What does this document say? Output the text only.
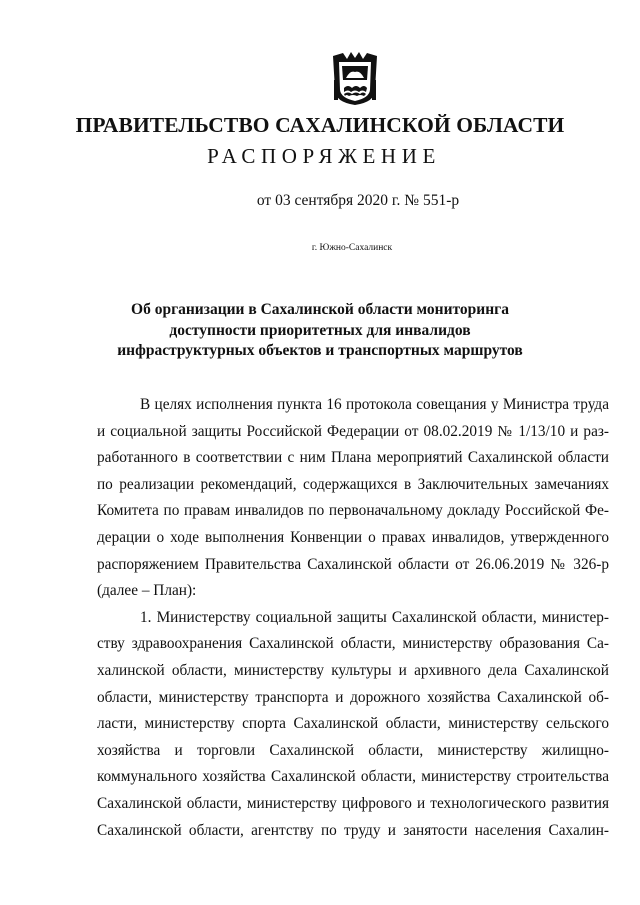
ПРАВИТЕЛЬСТВО САХАЛИНСКОЙ ОБЛАСТИ
РАСПОРЯЖЕНИЕ
от 03 сентября 2020 г. № 551-р
г. Южно-Сахалинск
Об организации в Сахалинской области мониторинга
доступности приоритетных для инвалидов
инфраструктурных объектов и транспортных маршрутов
В целях исполнения пункта 16 протокола совещания у Министра труда
и социальной защиты Российской Федерации от 08.02.2019 № 1/13/10 и раз-
работанного в соответствии с ним Плана мероприятий Сахалинской области
по реализации рекомендаций, содержащихся в Заключительных замечаниях
Комитета по правам инвалидов по первоначальному докладу Российской Фе-
дерации о ходе выполнения Конвенции о правах инвалидов, утвержденного
распоряжением Правительства Сахалинской области от 26.06.2019 № 326-р
(далее – План):
1. Министерству социальной защиты Сахалинской области, министер-
ству здравоохранения Сахалинской области, министерству образования Са-
халинской области, министерству культуры и архивного дела Сахалинской
области, министерству транспорта и дорожного хозяйства Сахалинской об-
ласти, министерству спорта Сахалинской области, министерству сельского
хозяйства и торговли Сахалинской области, министерству жилищно-
коммунального хозяйства Сахалинской области, министерству строительства
Сахалинской области, министерству цифрового и технологического развития
Сахалинской области, агентству по труду и занятости населения Сахалин-
